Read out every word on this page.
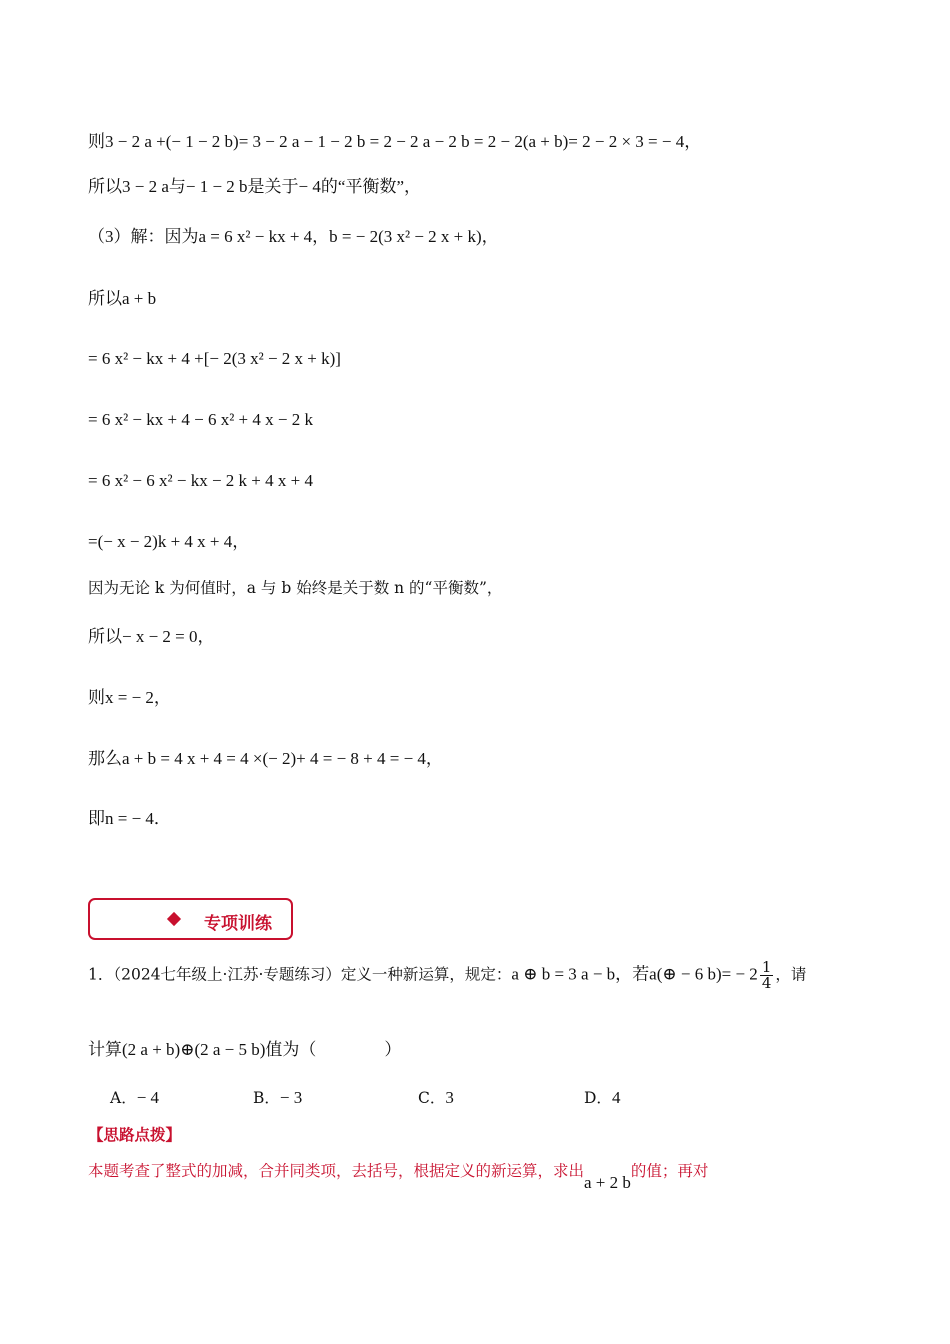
则3 − 2 a +(− 1 − 2 b)= 3 − 2 a − 1 − 2 b = 2 − 2 a − 2 b = 2 − 2(a + b)= 2 − 2 × 3 = − 4，
所以3 − 2 a与− 1 − 2 b是关于− 4的“平衡数”，
（3）解：因为a = 6 x² − kx + 4，b = − 2(3 x² − 2 x + k)，
所以a + b
= 6 x² − kx + 4 +[− 2(3 x² − 2 x + k)]
= 6 x² − kx + 4 − 6 x² + 4 x − 2 k
= 6 x² − 6 x² − kx − 2 k + 4 x + 4
=(− x − 2)k + 4 x + 4，
因为无论 k 为何值时，a 与 b 始终是关于数 n 的“平衡数”，
所以− x − 2 = 0，
则x = − 2，
那么a + b = 4 x + 4 = 4 ×(− 2)+ 4 = − 8 + 4 = − 4，
即n = − 4．
专项训练
1．（2024七年级上·江苏·专题练习）定义一种新运算，规定：a ⊕ b = 3 a − b，若a(⊕ − 6 $b)= - 2 \frac{1}{4}$ ，请
计算(2 a + b)⊕(2 a − 5 b)值为（　　　　）
A．− 4	B．− 3	C．3	D．4
【思路点拨】
本题考查了整式的加减，合并同类项，去括号，根据定义的新运算，求出a + 2 b的值；再对
